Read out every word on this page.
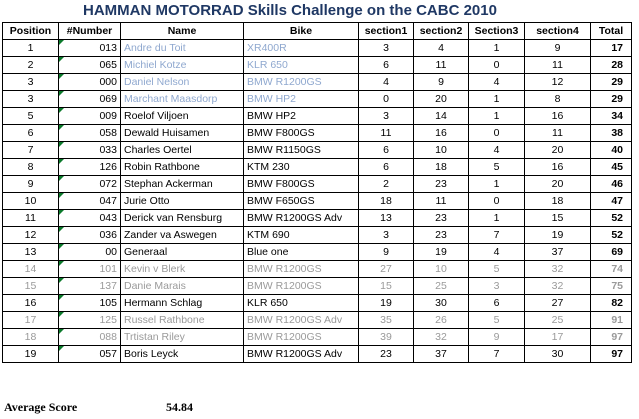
HAMMAN MOTORRAD Skills Challenge on the CABC 2010
Position	#Number	Name	Bike	section1	section2	Section3	section4	Total
1	013	Andre du Toit	XR400R	3	4	1	9	17
2	065	Michiel Kotze	KLR 650	6	11	0	11	28
3	000	Daniel Nelson	BMW R1200GS	4	9	4	12	29
3	069	Marchant Maasdorp	BMW HP2	0	20	1	8	29
5	009	Roelof Viljoen	BMW HP2	3	14	1	16	34
6	058	Dewald Huisamen	BMW F800GS	11	16	0	11	38
7	033	Charles Oertel	BMW R1150GS	6	10	4	20	40
8	126	Robin Rathbone	KTM 230	6	18	5	16	45
9	072	Stephan Ackerman	BMW F800GS	2	23	1	20	46
10	047	Jurie Otto	BMW F650GS	18	11	0	18	47
11	043	Derick van Rensburg	BMW R1200GS Adv	13	23	1	15	52
12	036	Zander va Aswegen	KTM 690	3	23	7	19	52
13	00	Generaal	Blue one	9	19	4	37	69
14	101	Kevin v Blerk	BMW R1200GS	27	10	5	32	74
15	137	Danie Marais	BMW R1200GS	15	25	3	32	75
16	105	Hermann Schlag	KLR 650	19	30	6	27	82
17	125	Russel Rathbone	BMW R1200GS Adv	35	26	5	25	91
18	088	Trtistan Riley	BMW R1200GS	39	32	9	17	97
19	057	Boris Leyck	BMW R1200GS Adv	23	37	7	30	97
Average Score	54.84
